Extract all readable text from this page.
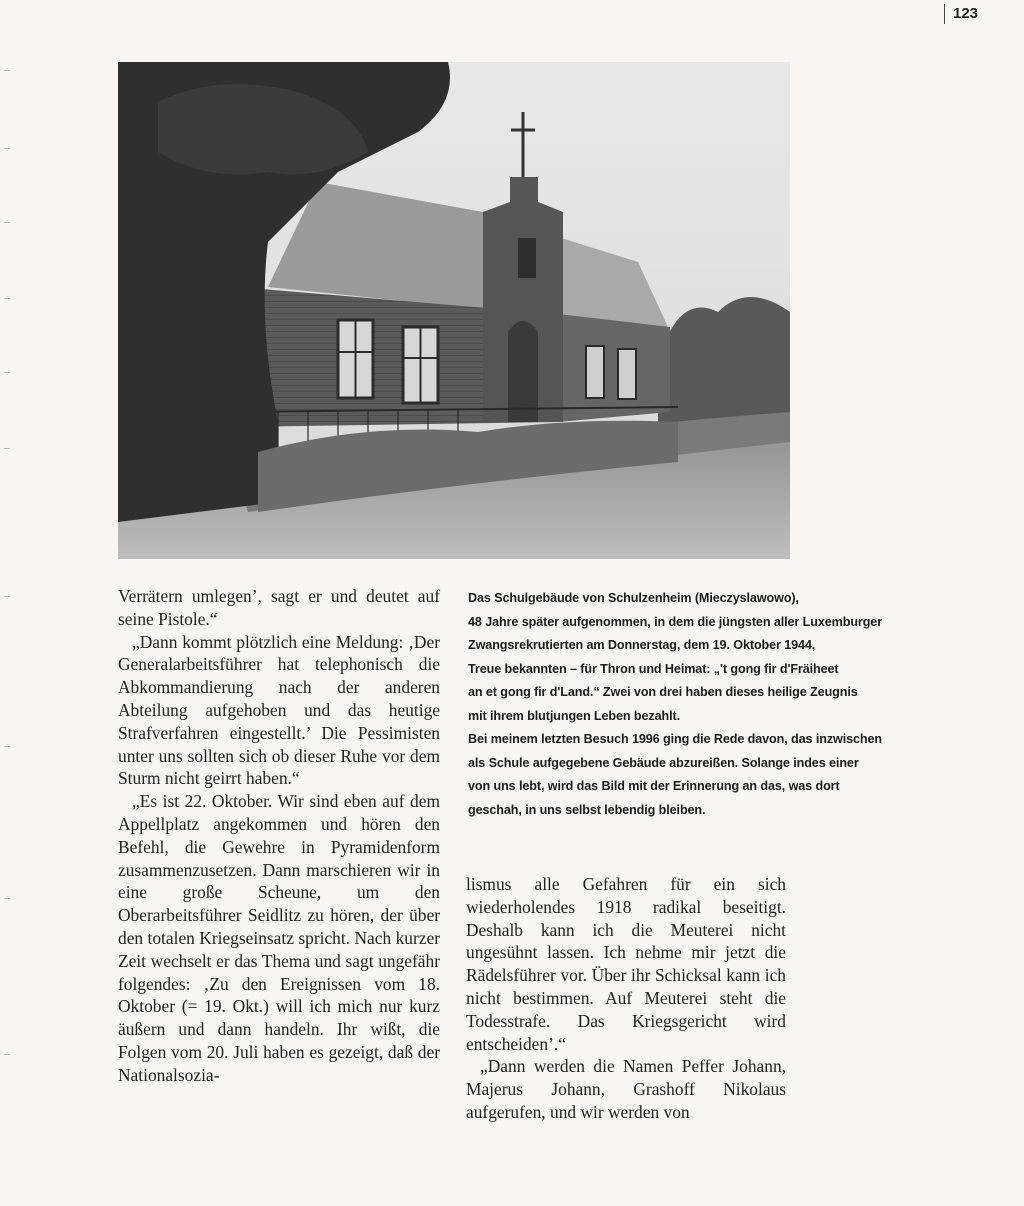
123

Verrätern umlegen’, sagt er und deutet auf seine Pistole.“

„Dann kommt plötzlich eine Meldung: ‚Der Generalarbeitsführer hat telephonisch die Abkommandierung nach der anderen Abteilung aufgehoben und das heutige Strafverfahren eingestellt.’ Die Pessimisten unter uns sollten sich ob dieser Ruhe vor dem Sturm nicht geirrt haben.“

„Es ist 22. Oktober. Wir sind eben auf dem Appellplatz angekommen und hören den Befehl, die Gewehre in Pyramidenform zusammenzusetzen. Dann marschieren wir in eine große Scheune, um den Oberarbeitsführer Seidlitz zu hören, der über den totalen Kriegseinsatz spricht. Nach kurzer Zeit wechselt er das Thema und sagt ungefähr folgendes: ‚Zu den Ereignissen vom 18. Oktober (= 19. Okt.) will ich mich nur kurz äußern und dann handeln. Ihr wißt, die Folgen vom 20. Juli haben es gezeigt, daß der Nationalsozia-

Das Schulgebäude von Schulzenheim (Mieczyslawowo),

48 Jahre später aufgenommen, in dem die jüngsten aller Luxemburger

Zwangsrekrutierten am Donnerstag, dem 19. Oktober 1944,

Treue bekannten – für Thron und Heimat: „'t gong fir d'Fräiheet

an et gong fir d'Land.“ Zwei von drei haben dieses heilige Zeugnis

mit ihrem blutjungen Leben bezahlt.

Bei meinem letzten Besuch 1996 ging die Rede davon, das inzwischen

als Schule aufgegebene Gebäude abzureißen. Solange indes einer

von uns lebt, wird das Bild mit der Erinnerung an das, was dort

geschah, in uns selbst lebendig bleiben.

lismus alle Gefahren für ein sich wiederholendes 1918 radikal beseitigt. Deshalb kann ich die Meuterei nicht ungesühnt lassen. Ich nehme mir jetzt die Rädelsführer vor. Über ihr Schicksal kann ich nicht bestimmen. Auf Meuterei steht die Todesstrafe. Das Kriegsgericht wird entscheiden’.“

„Dann werden die Namen Peffer Johann, Majerus Johann, Grashoff Nikolaus aufgerufen, und wir werden von
